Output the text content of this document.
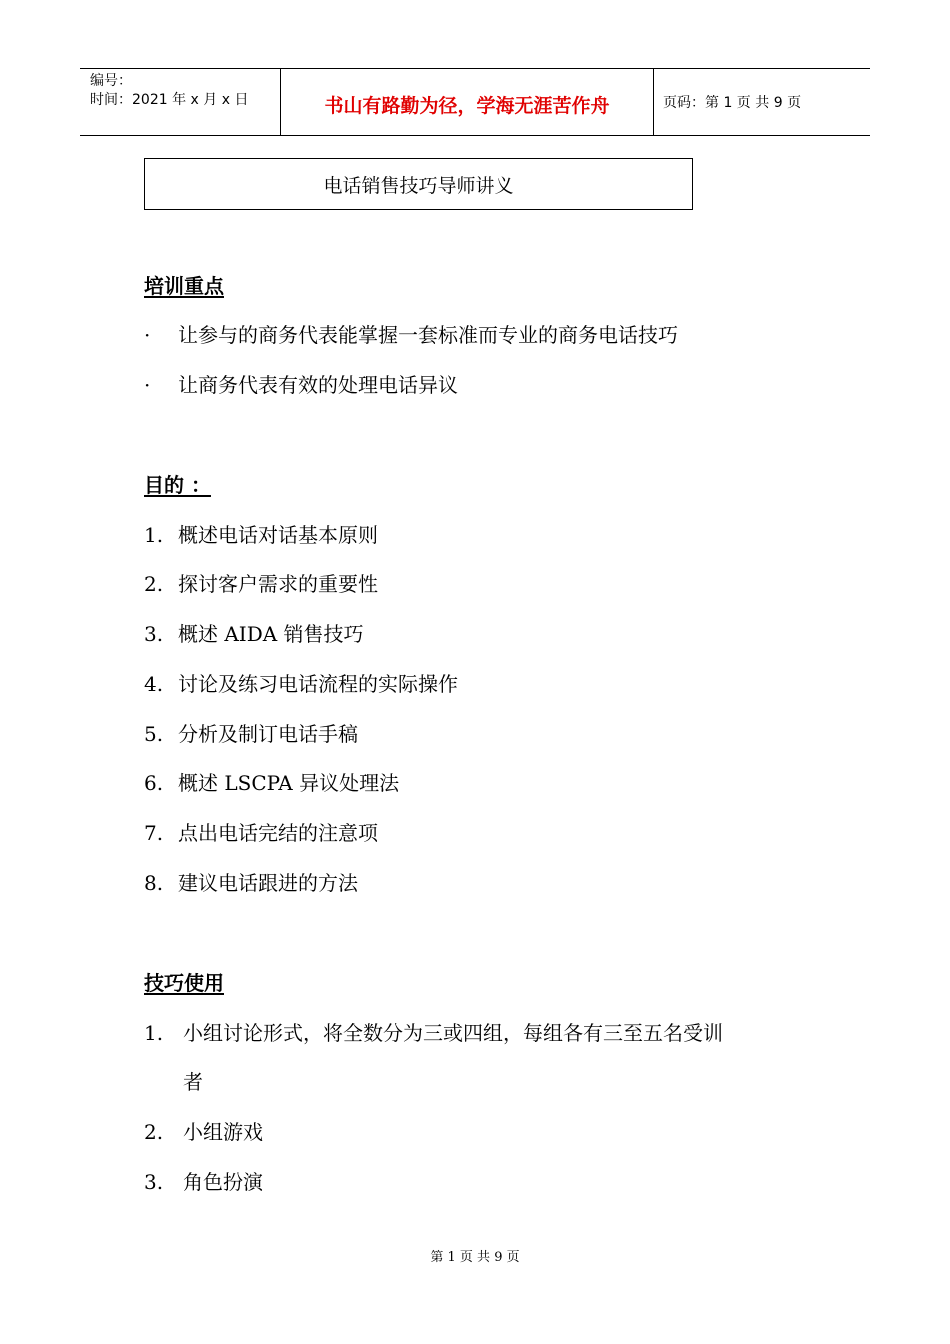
编号：
时间：2021 年 x 月 x 日	书山有路勤为径，学海无涯苦作舟	页码：第 1 页 共 9 页
电话销售技巧导师讲义
培训重点
· 让参与的商务代表能掌握一套标准而专业的商务电话技巧
· 让商务代表有效的处理电话异议
目的 ：
1. 概述电话对话基本原则
2. 探讨客户需求的重要性
3. 概述 AIDA 销售技巧
4. 讨论及练习电话流程的实际操作
5. 分析及制订电话手稿
6. 概述 LSCPA 异议处理法
7. 点出电话完结的注意项
8. 建议电话跟进的方法
技巧使用
1. 小组讨论形式，将全数分为三或四组，每组各有三至五名受训
者
2. 小组游戏
3. 角色扮演
第 1 页 共 9 页
